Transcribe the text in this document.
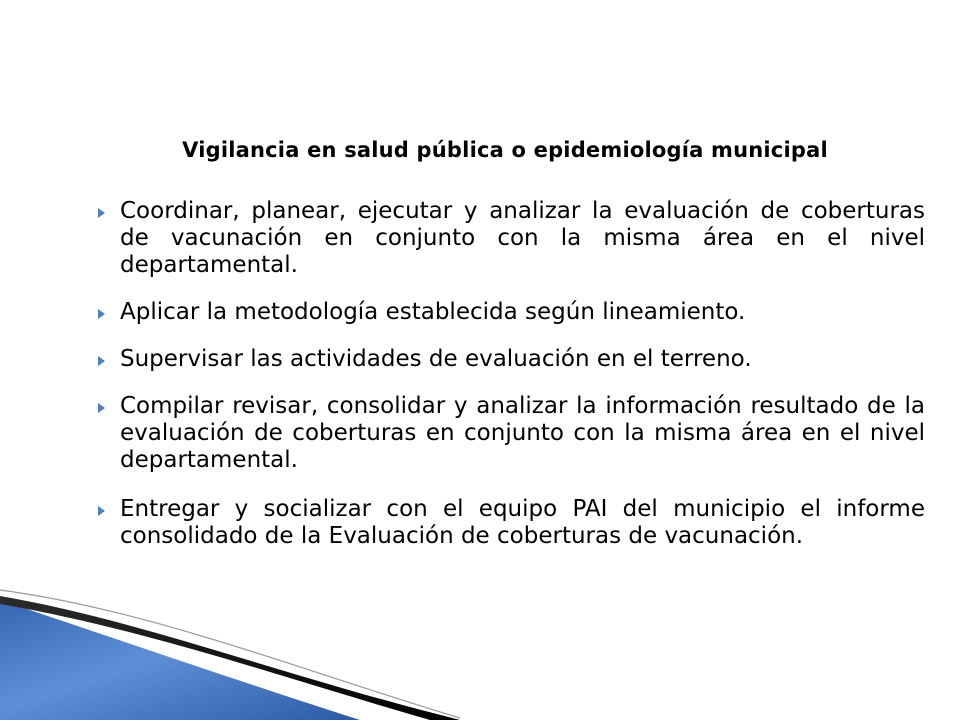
Vigilancia en salud pública o epidemiología municipal
Coordinar, planear, ejecutar y analizar la evaluación de coberturas de vacunación en conjunto con la misma área en el nivel departamental.
Aplicar la metodología establecida según lineamiento.
Supervisar las actividades de evaluación en el terreno.
Compilar revisar, consolidar y analizar la información resultado de la evaluación de coberturas en conjunto con la misma área en el nivel departamental.
Entregar y socializar con el equipo PAI del municipio el informe consolidado de la Evaluación de coberturas de vacunación.
